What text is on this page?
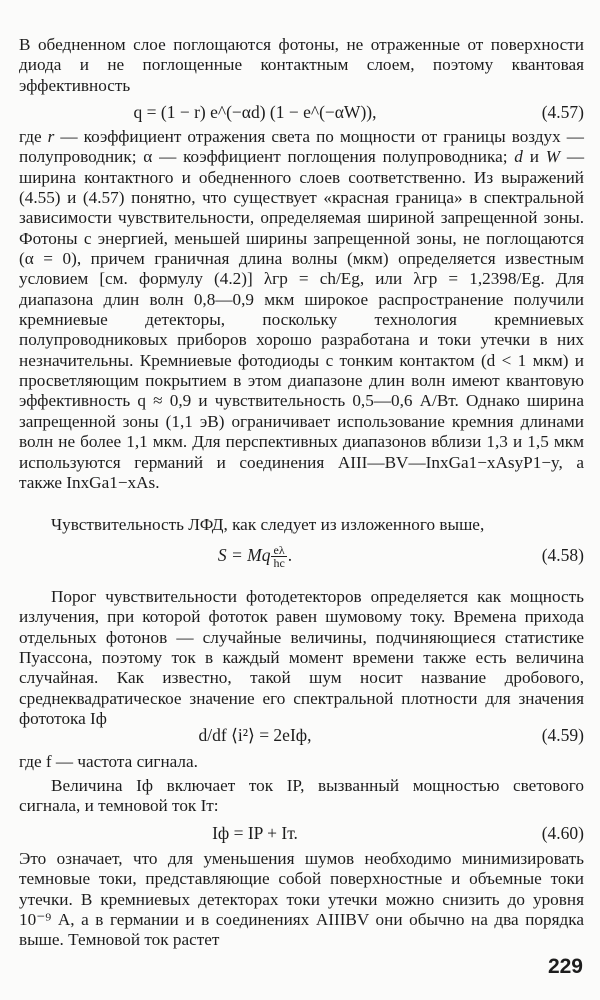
В обедненном слое поглощаются фотоны, не отраженные от поверхности диода и не поглощенные контактным слоем, поэтому квантовая эффективность
q = (1 − r) e^(−αd) (1 − e^(−αW)),	(4.57)
где r — коэффициент отражения света по мощности от границы воздух — полупроводник; α — коэффициент поглощения полупроводника; d и W — ширина контактного и обедненного слоев соответственно. Из выражений (4.55) и (4.57) понятно, что существует «красная граница» в спектральной зависимости чувствительности, определяемая шириной запрещенной зоны. Фотоны с энергией, меньшей ширины запрещенной зоны, не поглощаются (α = 0), причем граничная длина волны (мкм) определяется известным условием [см. формулу (4.2)] λгр = ch/Eg, или λгр = 1,2398/Eg. Для диапазона длин волн 0,8—0,9 мкм широкое распространение получили кремниевые детекторы, поскольку технология кремниевых полупроводниковых приборов хорошо разработана и токи утечки в них незначительны. Кремниевые фотодиоды с тонким контактом (d < 1 мкм) и просветляющим покрытием в этом диапазоне длин волн имеют квантовую эффективность q ≈ 0,9 и чувствительность 0,5—0,6 А/Вт. Однако ширина запрещенной зоны (1,1 эВ) ограничивает использование кремния длинами волн не более 1,1 мкм. Для перспективных диапазонов вблизи 1,3 и 1,5 мкм используются германий и соединения AIII—BV—InxGa1−xAsyP1−y, а также InxGa1−xAs.
Чувствительность ЛФД, как следует из изложенного выше,
S = Mq $\frac{e\lambda}{hc}$ .	(4.58)
Порог чувствительности фотодетекторов определяется как мощность излучения, при которой фототок равен шумовому току. Времена прихода отдельных фотонов — случайные величины, подчиняющиеся статистике Пуассона, поэтому ток в каждый момент времени также есть величина случайная. Как известно, такой шум носит название дробового, среднеквадратическое значение его спектральной плотности для значения фототока Iф
d/df ⟨i²⟩ = 2eIф,	(4.59)
где f — частота сигнала.
Величина Iф включает ток IP, вызванный мощностью светового сигнала, и темновой ток Iт:
Iф = IP + Iт.	(4.60)
Это означает, что для уменьшения шумов необходимо минимизировать темновые токи, представляющие собой поверхностные и объемные токи утечки. В кремниевых детекторах токи утечки можно снизить до уровня 10⁻⁹ А, а в германии и в соединениях AIIIBV они обычно на два порядка выше. Темновой ток растет
229
